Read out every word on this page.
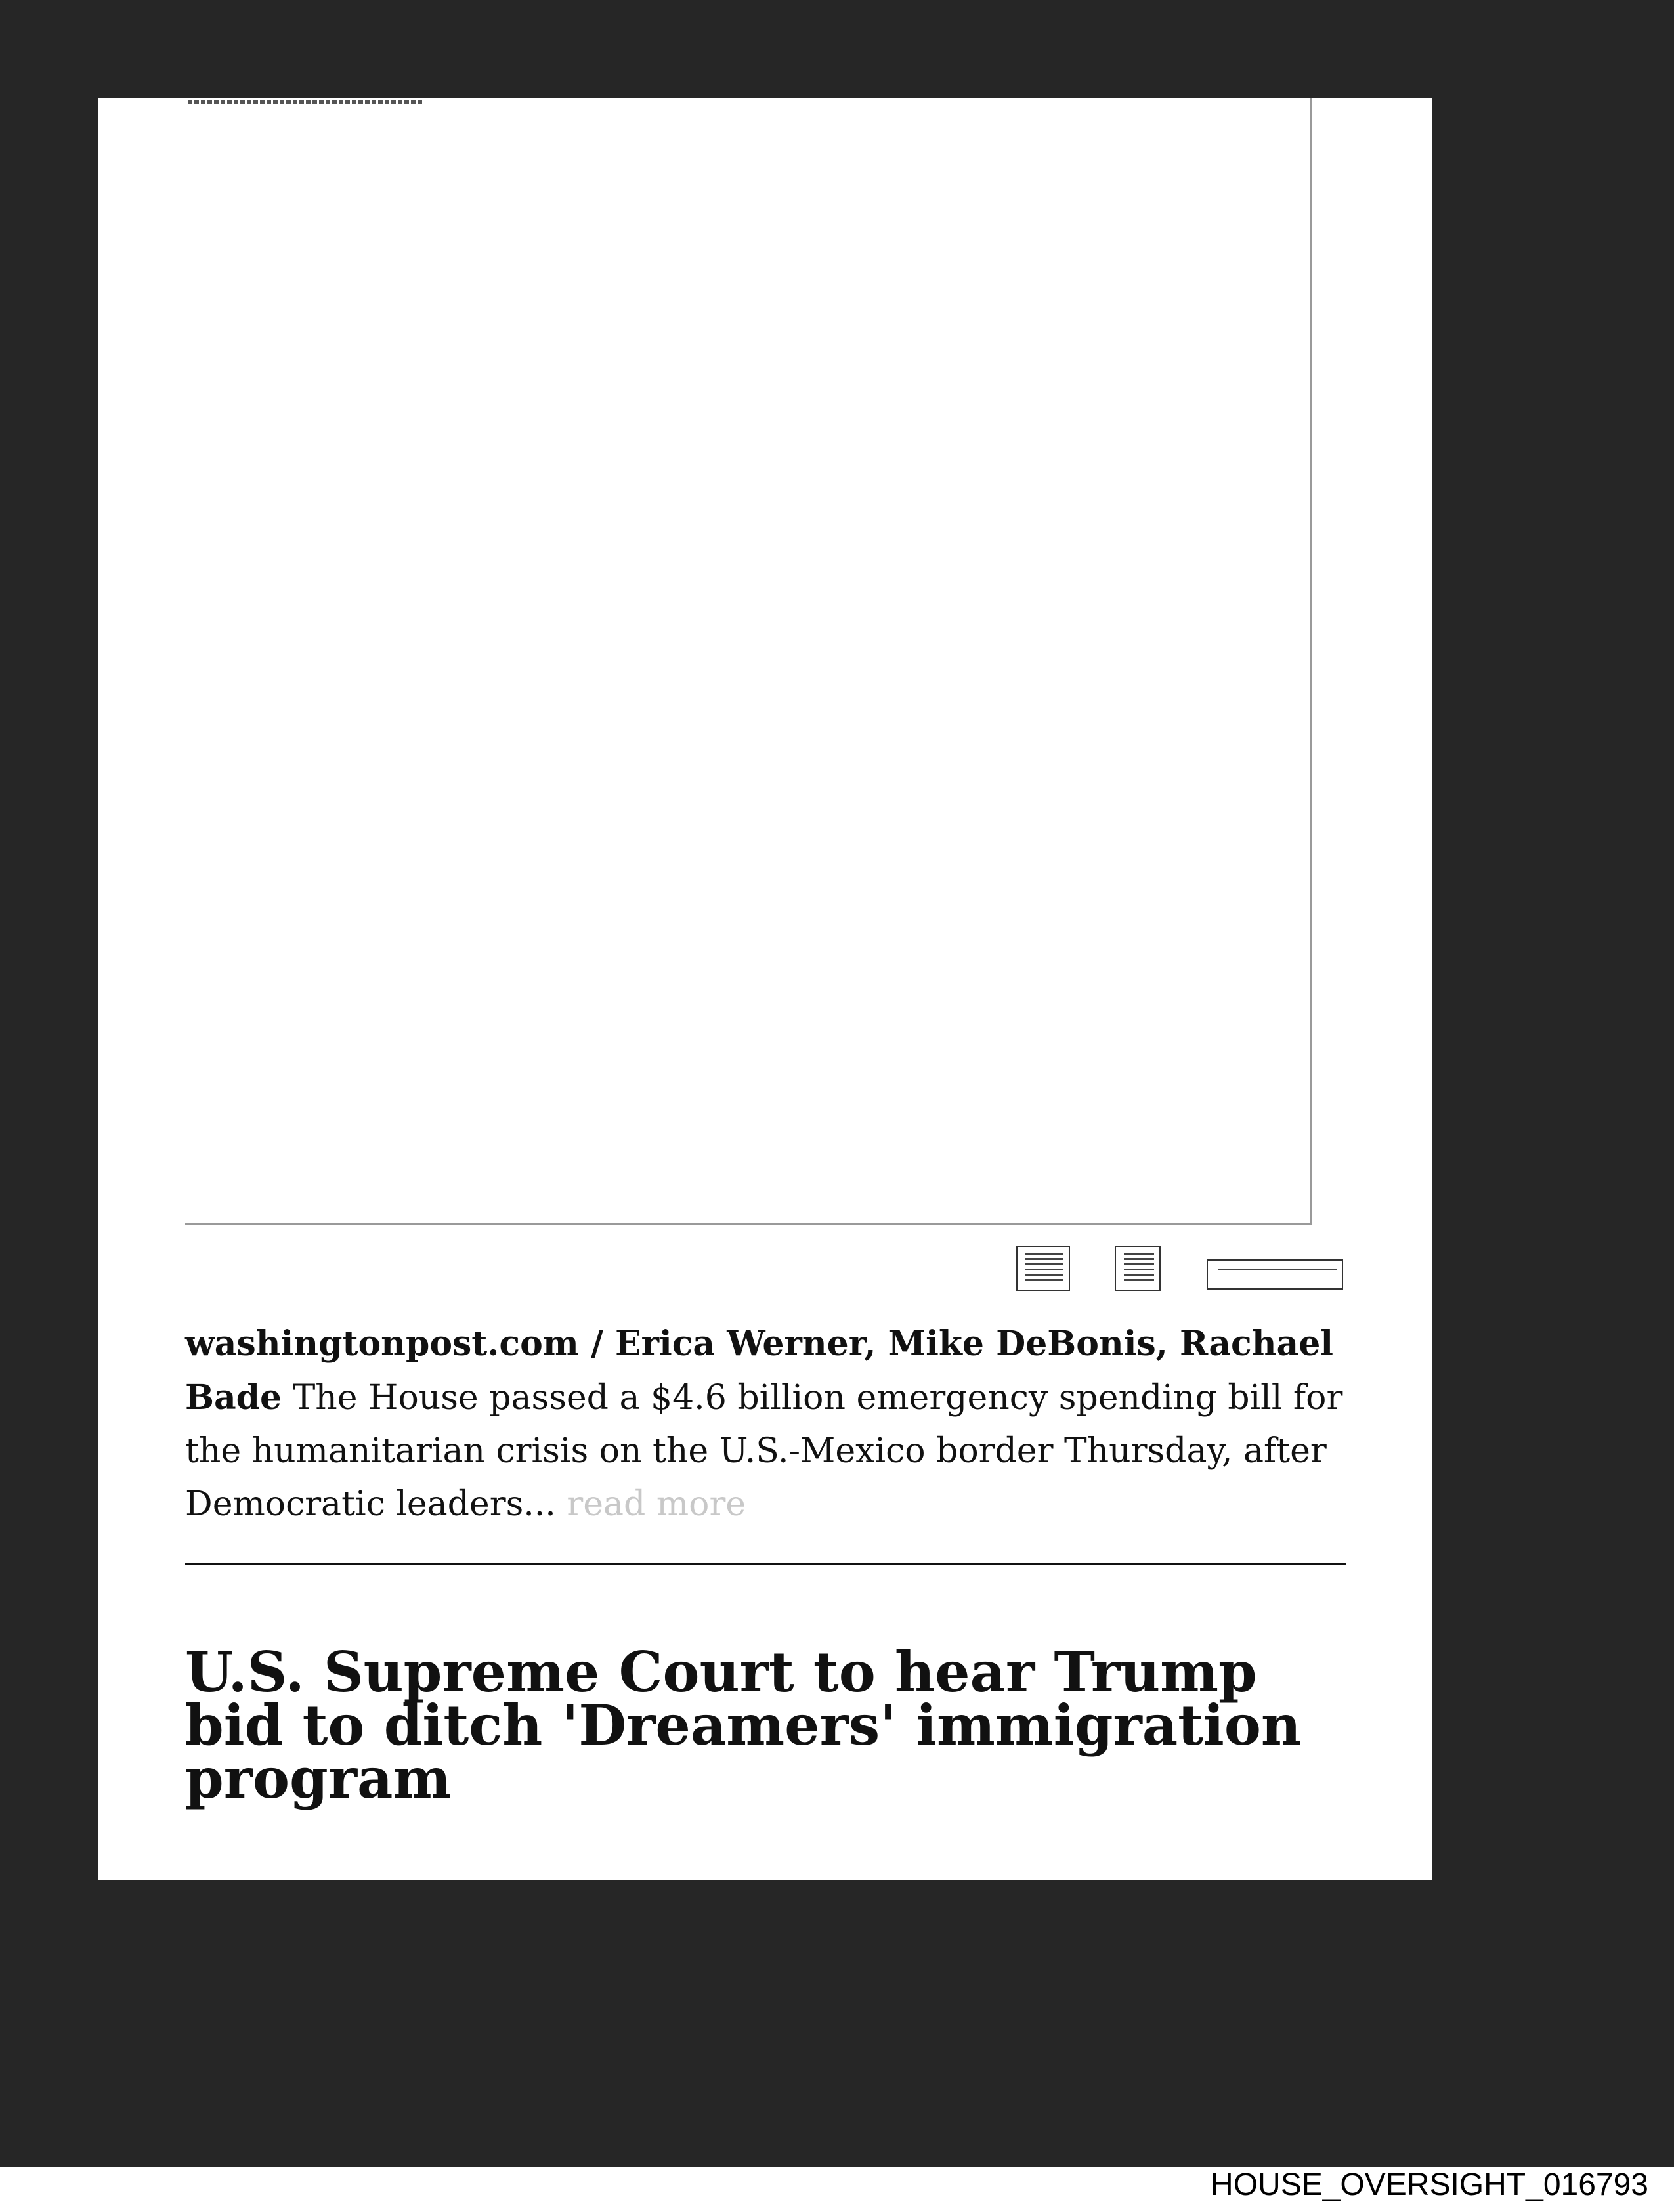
washingtonpost.com / Erica Werner, Mike DeBonis, Rachael Bade The House passed a $4.6 billion emergency spending bill for the humanitarian crisis on the U.S.-Mexico border Thursday, after Democratic leaders... read more
U.S. Supreme Court to hear Trump bid to ditch 'Dreamers' immigration program
HOUSE_OVERSIGHT_016793
